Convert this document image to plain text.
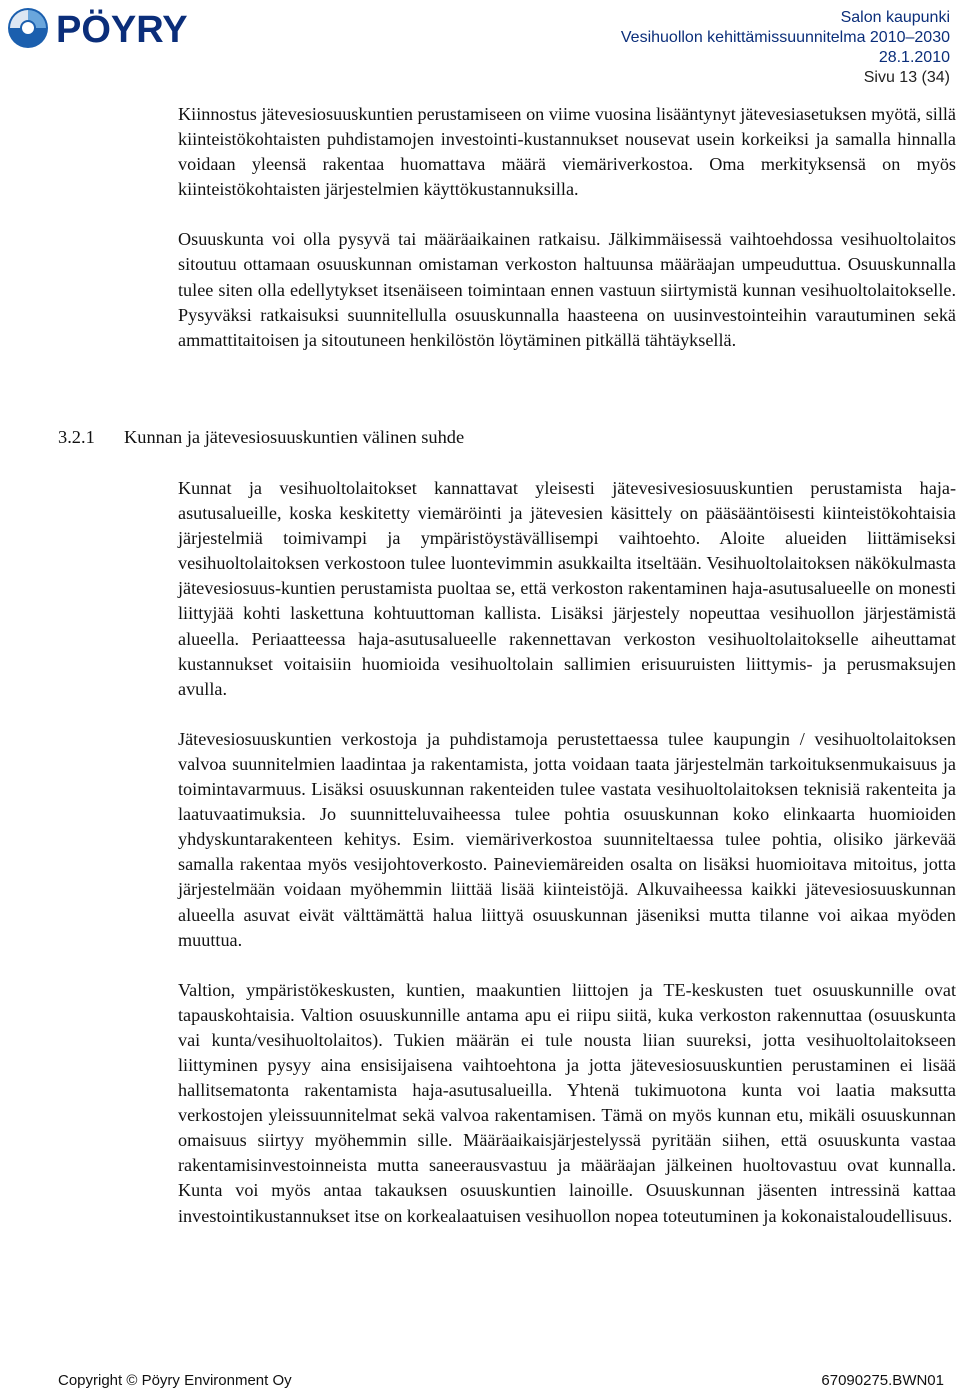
PÖYRY	Salon kaupunki
Vesihuollon kehittämissuunnitelma 2010–2030
28.1.2010
Sivu 13 (34)

Kiinnostus jätevesiosuuskuntien perustamiseen on viime vuosina lisääntynyt jätevesiasetuksen myötä, sillä kiinteistökohtaisten puhdistamojen investointi-kustannukset nousevat usein korkeiksi ja samalla hinnalla voidaan yleensä rakentaa huomattava määrä viemäriverkostoa. Oma merkityksensä on myös kiinteistökohtaisten järjestelmien käyttökustannuksilla.

Osuuskunta voi olla pysyvä tai määräaikainen ratkaisu. Jälkimmäisessä vaihtoehdossa vesihuoltolaitos sitoutuu ottamaan osuuskunnan omistaman verkoston haltuunsa määräajan umpeuduttua. Osuuskunnalla tulee siten olla edellytykset itsenäiseen toimintaan ennen vastuun siirtymistä kunnan vesihuoltolaitokselle. Pysyväksi ratkaisuksi suunnitellulla osuuskunnalla haasteena on uusinvestointeihin varautuminen sekä ammattitaitoisen ja sitoutuneen henkilöstön löytäminen pitkällä tähtäyksellä.

3.2.1 Kunnan ja jätevesiosuuskuntien välinen suhde

Kunnat ja vesihuoltolaitokset kannattavat yleisesti jätevesivesiosuuskuntien perustamista haja-asutusalueille, koska keskitetty viemäröinti ja jätevesien käsittely on pääsääntöisesti kiinteistökohtaisia järjestelmiä toimivampi ja ympäristöystävällisempi vaihtoehto. Aloite alueiden liittämiseksi vesihuoltolaitoksen verkostoon tulee luontevimmin asukkailta itseltään. Vesihuoltolaitoksen näkökulmasta jätevesiosuus-kuntien perustamista puoltaa se, että verkoston rakentaminen haja-asutusalueelle on monesti liittyjää kohti laskettuna kohtuuttoman kallista. Lisäksi järjestely nopeuttaa vesihuollon järjestämistä alueella. Periaatteessa haja-asutusalueelle rakennettavan verkoston vesihuoltolaitokselle aiheuttamat kustannukset voitaisiin huomioida vesihuoltolain sallimien erisuuruisten liittymis- ja perusmaksujen avulla.

Jätevesiosuuskuntien verkostoja ja puhdistamoja perustettaessa tulee kaupungin / vesihuoltolaitoksen valvoa suunnitelmien laadintaa ja rakentamista, jotta voidaan taata järjestelmän tarkoituksenmukaisuus ja toimintavarmuus. Lisäksi osuuskunnan rakenteiden tulee vastata vesihuoltolaitoksen teknisiä rakenteita ja laatuvaatimuksia. Jo suunnitteluvaiheessa tulee pohtia osuuskunnan koko elinkaarta huomioiden yhdyskuntarakenteen kehitys. Esim. viemäriverkostoa suunniteltaessa tulee pohtia, olisiko järkevää samalla rakentaa myös vesijohtoverkosto. Paineviemäreiden osalta on lisäksi huomioitava mitoitus, jotta järjestelmään voidaan myöhemmin liittää lisää kiinteistöjä. Alkuvaiheessa kaikki jätevesiosuuskunnan alueella asuvat eivät välttämättä halua liittyä osuuskunnan jäseniksi mutta tilanne voi aikaa myöden muuttua.

Valtion, ympäristökeskusten, kuntien, maakuntien liittojen ja TE-keskusten tuet osuuskunnille ovat tapauskohtaisia. Valtion osuuskunnille antama apu ei riipu siitä, kuka verkoston rakennuttaa (osuuskunta vai kunta/vesihuoltolaitos). Tukien määrän ei tule nousta liian suureksi, jotta vesihuoltolaitokseen liittyminen pysyy aina ensisijaisena vaihtoehtona ja jotta jätevesiosuuskuntien perustaminen ei lisää hallitsematonta rakentamista haja-asutusalueilla. Yhtenä tukimuotona kunta voi laatia maksutta verkostojen yleissuunnitelmat sekä valvoa rakentamisen. Tämä on myös kunnan etu, mikäli osuuskunnan omaisuus siirtyy myöhemmin sille. Määräaikaisjärjestelyssä pyritään siihen, että osuuskunta vastaa rakentamisinvestoinneista mutta saneerausvastuu ja määräajan jälkeinen huoltovastuu ovat kunnalla. Kunta voi myös antaa takauksen osuuskuntien lainoille. Osuuskunnan jäsenten intressinä kattaa investointikustannukset itse on korkealaatuisen vesihuollon nopea toteutuminen ja kokonaistaloudellisuus.

Copyright © Pöyry Environment Oy	67090275.BWN01
